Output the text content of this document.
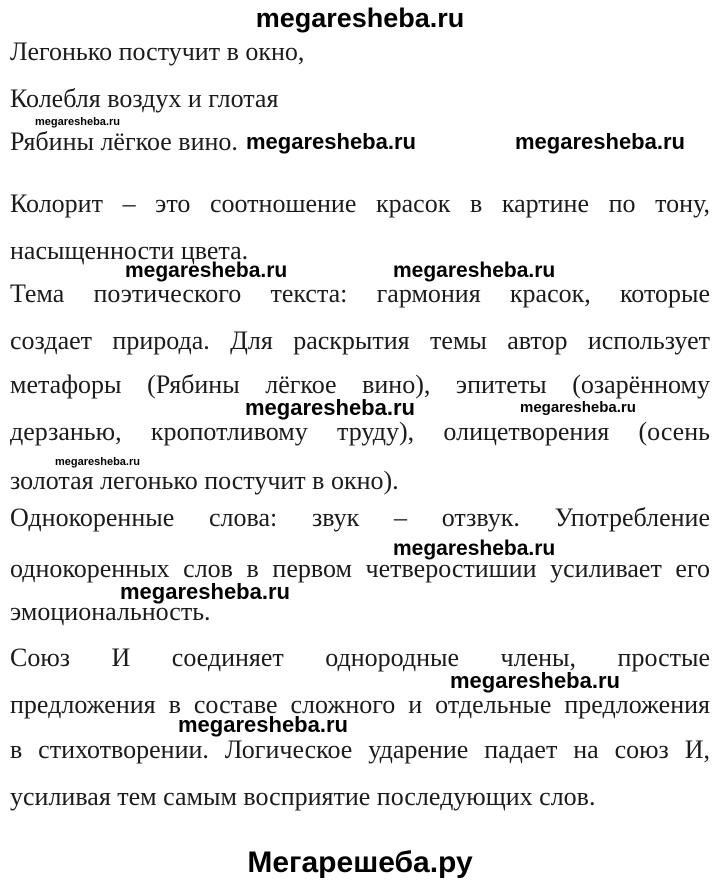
megaresheba.ru
Легонько постучит в окно,
Колебля воздух и глотая
megaresheba.ru
Рябины лёгкое вино. megaresheba.ru	megaresheba.ru
Колорит – это соотношение красок в картине по тону,
насыщенности цвета.
megaresheba.ru	megaresheba.ru
Тема поэтического текста: гармония красок, которые
создает природа. Для раскрытия темы автор использует
метафоры (Рябины лёгкое вино), эпитеты (озарённому
megaresheba.ru	megaresheba.ru
дерзанью, кропотливому труду), олицетворения (осень
megaresheba.ru
золотая легонько постучит в окно).
Однокоренные слова: звук – отзвук. Употребление
megaresheba.ru
однокоренных слов в первом четверостишии усиливает его
megaresheba.ru
эмоциональность.
Союз И соединяет однородные члены, простые
megaresheba.ru
предложения в составе сложного и отдельные предложения
megaresheba.ru
в стихотворении. Логическое ударение падает на союз И,
усиливая тем самым восприятие последующих слов.
Мегарешеба.ру
